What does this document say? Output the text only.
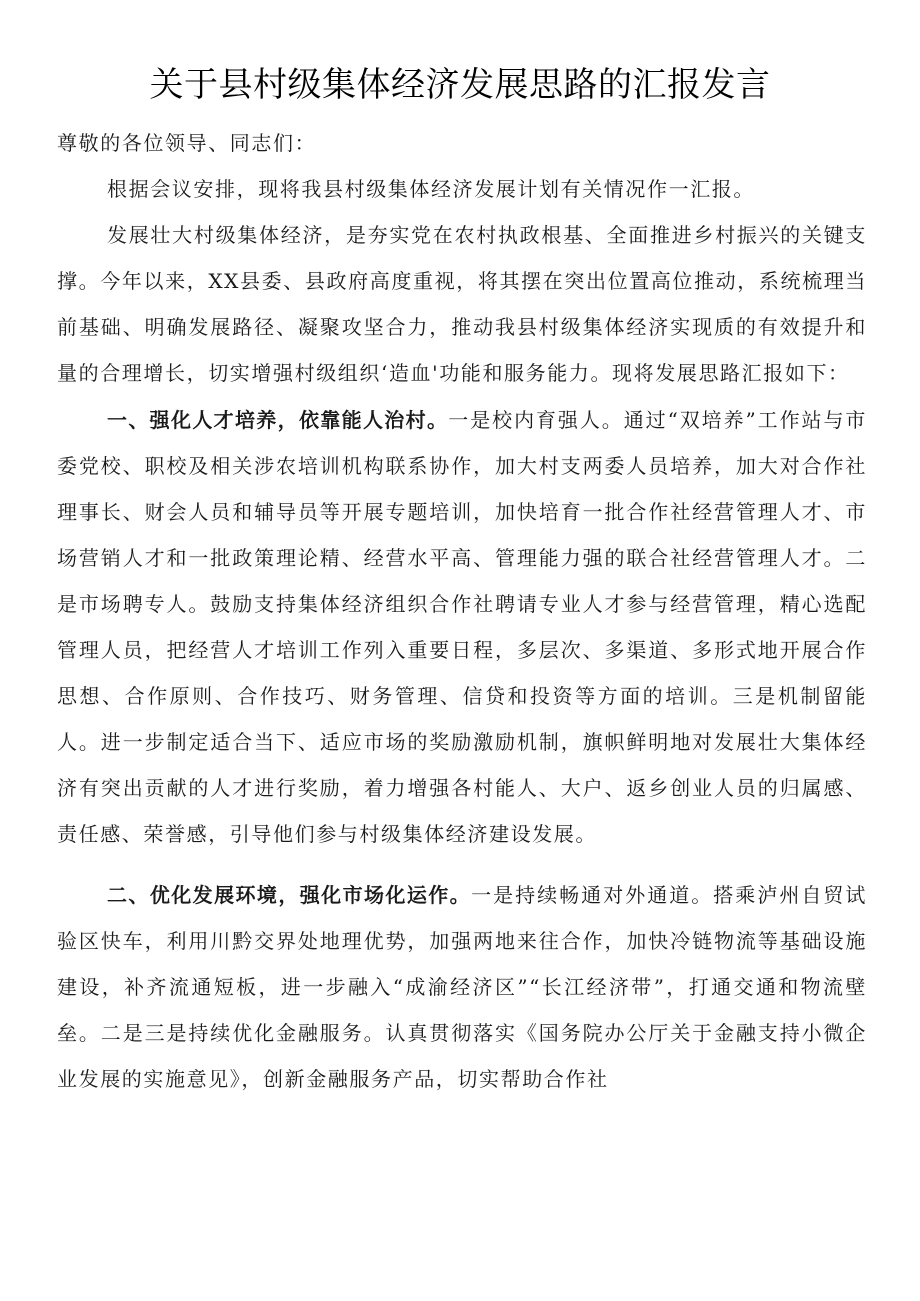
关于县村级集体经济发展思路的汇报发言

尊敬的各位领导、同志们：

根据会议安排，现将我县村级集体经济发展计划有关情况作一汇报。

发展壮大村级集体经济，是夯实党在农村执政根基、全面推进乡村振兴的关键支撑。今年以来，XX县委、县政府高度重视，将其摆在突出位置高位推动，系统梳理当前基础、明确发展路径、凝聚攻坚合力，推动我县村级集体经济实现质的有效提升和量的合理增长，切实增强村级组织‘造血'功能和服务能力。现将发展思路汇报如下：

一、强化人才培养，依靠能人治村。一是校内育强人。通过“双培养”工作站与市委党校、职校及相关涉农培训机构联系协作，加大村支两委人员培养，加大对合作社理事长、财会人员和辅导员等开展专题培训，加快培育一批合作社经营管理人才、市场营销人才和一批政策理论精、经营水平高、管理能力强的联合社经营管理人才。二是市场聘专人。鼓励支持集体经济组织合作社聘请专业人才参与经营管理，精心选配管理人员，把经营人才培训工作列入重要日程，多层次、多渠道、多形式地开展合作思想、合作原则、合作技巧、财务管理、信贷和投资等方面的培训。三是机制留能人。进一步制定适合当下、适应市场的奖励激励机制，旗帜鲜明地对发展壮大集体经济有突出贡献的人才进行奖励，着力增强各村能人、大户、返乡创业人员的归属感、责任感、荣誉感，引导他们参与村级集体经济建设发展。

二、优化发展环境，强化市场化运作。一是持续畅通对外通道。搭乘泸州自贸试验区快车，利用川黔交界处地理优势，加强两地来往合作，加快冷链物流等基础设施建设，补齐流通短板，进一步融入“成渝经济区”“长江经济带”，打通交通和物流壁垒。二是三是持续优化金融服务。认真贯彻落实《国务院办公厅关于金融支持小微企业发展的实施意见》，创新金融服务产品，切实帮助合作社
